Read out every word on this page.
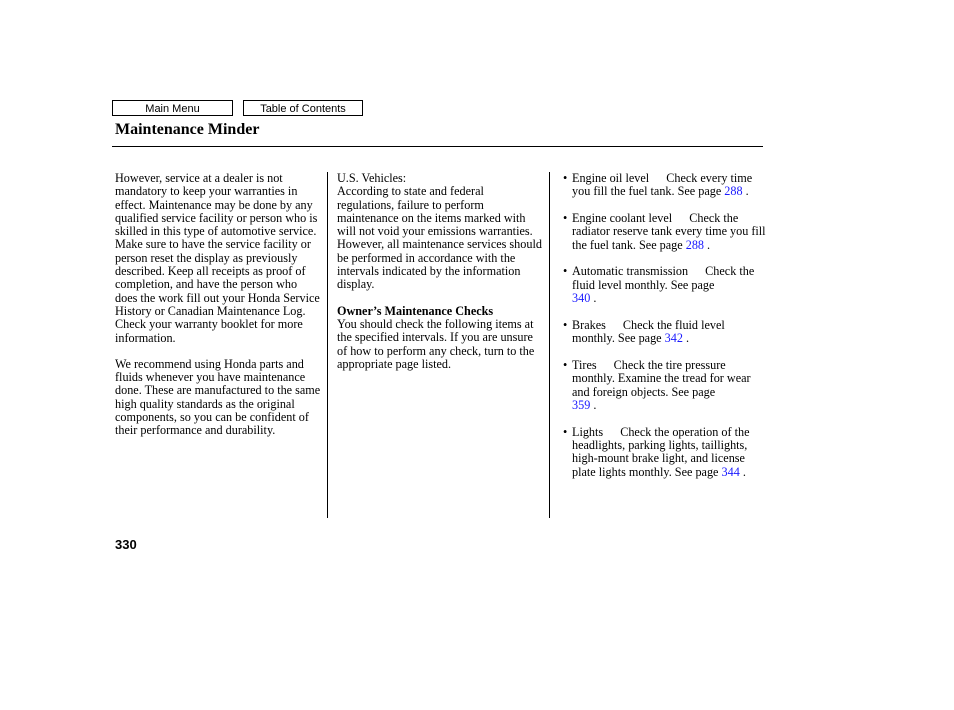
Main Menu	Table of Contents
Maintenance Minder

However, service at a dealer is not mandatory to keep your warranties in effect. Maintenance may be done by any qualified service facility or person who is skilled in this type of automotive service. Make sure to have the service facility or person reset the display as previously described. Keep all receipts as proof of completion, and have the person who does the work fill out your Honda Service History or Canadian Maintenance Log. Check your warranty booklet for more information.

We recommend using Honda parts and fluids whenever you have maintenance done. These are manufactured to the same high quality standards as the original components, so you can be confident of their performance and durability.

U.S. Vehicles:
According to state and federal regulations, failure to perform maintenance on the items marked with  will not void your emissions warranties. However, all maintenance services should be performed in accordance with the intervals indicated by the information display.

Owner’s Maintenance Checks
You should check the following items at the specified intervals. If you are unsure of how to perform any check, turn to the appropriate page listed.

• Engine oil level Check every time you fill the fuel tank. See page 288 .
• Engine coolant level Check the radiator reserve tank every time you fill the fuel tank. See page 288 .
• Automatic transmission Check the fluid level monthly. See page
340 .
• Brakes Check the fluid level monthly. See page 342 .
• Tires Check the tire pressure monthly. Examine the tread for wear and foreign objects. See page
359 .
• Lights Check the operation of the headlights, parking lights, taillights, high-mount brake light, and license plate lights monthly. See page 344 .
330
